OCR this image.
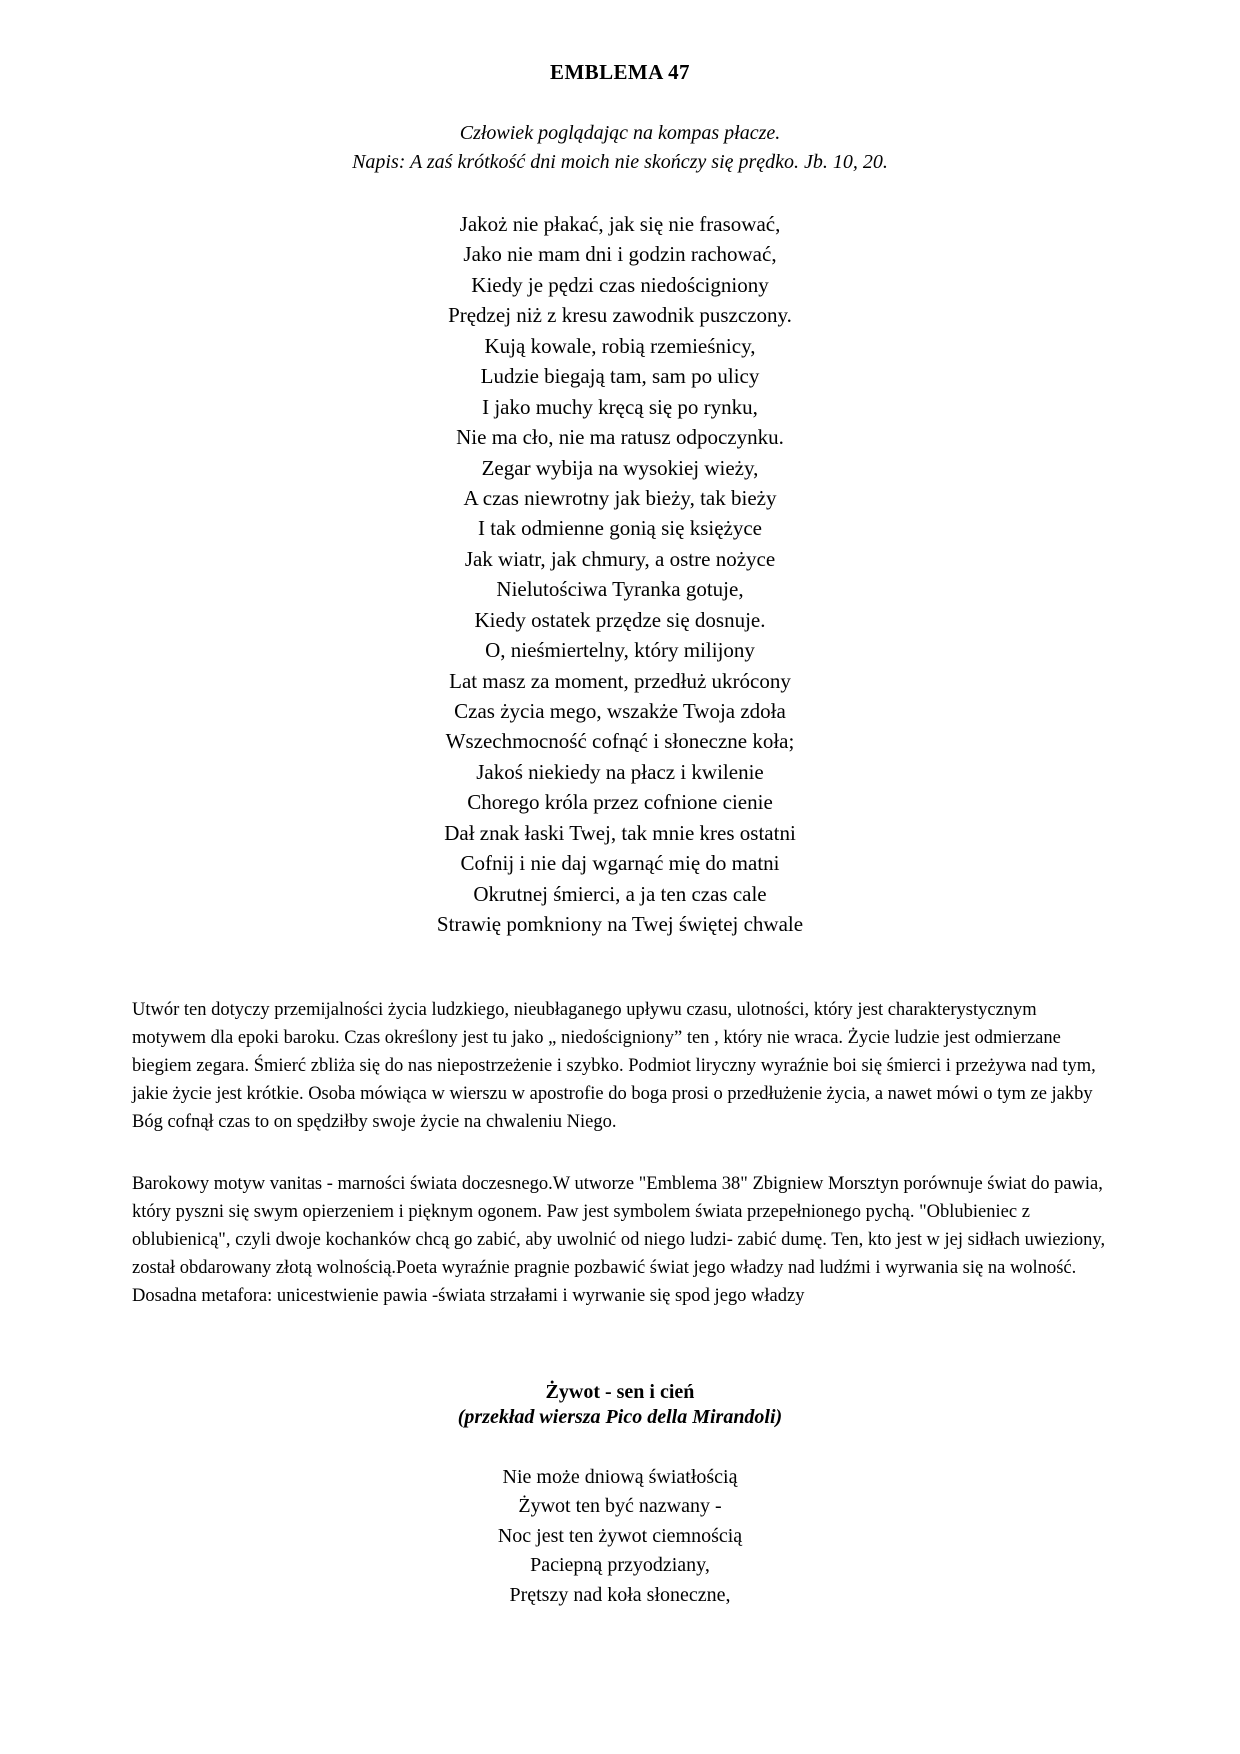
EMBLEMA 47
Człowiek poglądając na kompas płacze.
Napis: A zaś krótkość dni moich nie skończy się prędko. Jb. 10, 20.
Jakoż nie płakać, jak się nie frasować,
Jako nie mam dni i godzin rachować,
Kiedy je pędzi czas niedościgniony
Prędzej niż z kresu zawodnik puszczony.
Kują kowale, robią rzemieśnicy,
Ludzie biegają tam, sam po ulicy
I jako muchy kręcą się po rynku,
Nie ma cło, nie ma ratusz odpoczynku.
Zegar wybija na wysokiej wieży,
A czas niewrotny jak bieży, tak bieży
I tak odmienne gonią się księżyce
Jak wiatr, jak chmury, a ostre nożyce
Nielutościwa Tyranka gotuje,
Kiedy ostatek przędze się dosnuje.
O, nieśmiertelny, który milijony
Lat masz za moment, przedłuż ukrócony
Czas życia mego, wszakże Twoja zdoła
Wszechmocność cofnąć i słoneczne koła;
Jakoś niekiedy na płacz i kwilenie
Chorego króla przez cofnione cienie
Dał znak łaski Twej, tak mnie kres ostatni
Cofnij i nie daj wgarnąć mię do matni
Okrutnej śmierci, a ja ten czas cale
Strawię pomkniony na Twej świętej chwale

Utwór ten dotyczy przemijalności życia ludzkiego, nieubłaganego upływu czasu, ulotności, który jest charakterystycznym motywem dla epoki baroku. Czas określony jest tu jako „ niedościgniony” ten , który nie wraca. Życie ludzie jest odmierzane biegiem zegara. Śmierć zbliża się do nas niepostrzeżenie i szybko. Podmiot liryczny wyraźnie boi się śmierci i przeżywa nad tym, jakie życie jest krótkie. Osoba mówiąca w wierszu w apostrofie do boga prosi o przedłużenie życia, a nawet mówi o tym ze jakby Bóg cofnął czas to on spędziłby swoje życie na chwaleniu Niego.

Barokowy motyw vanitas - marności świata doczesnego.W utworze "Emblema 38" Zbigniew Morsztyn porównuje świat do pawia, który pyszni się swym opierzeniem i pięknym ogonem. Paw jest symbolem świata przepełnionego pychą. "Oblubieniec z oblubienicą", czyli dwoje kochanków chcą go zabić, aby uwolnić od niego ludzi- zabić dumę. Ten, kto jest w jej sidłach uwieziony, został obdarowany złotą wolnością.Poeta wyraźnie pragnie pozbawić świat jego władzy nad ludźmi i wyrwania się na wolność. Dosadna metafora: unicestwienie pawia -świata strzałami i wyrwanie się spod jego władzy

Żywot - sen i cień
(przekład wiersza Pico della Mirandoli)
Nie może dniową światłością
Żywot ten być nazwany -
Noc jest ten żywot ciemnością
Paciepną przyodziany,
Prętszy nad koła słoneczne,
